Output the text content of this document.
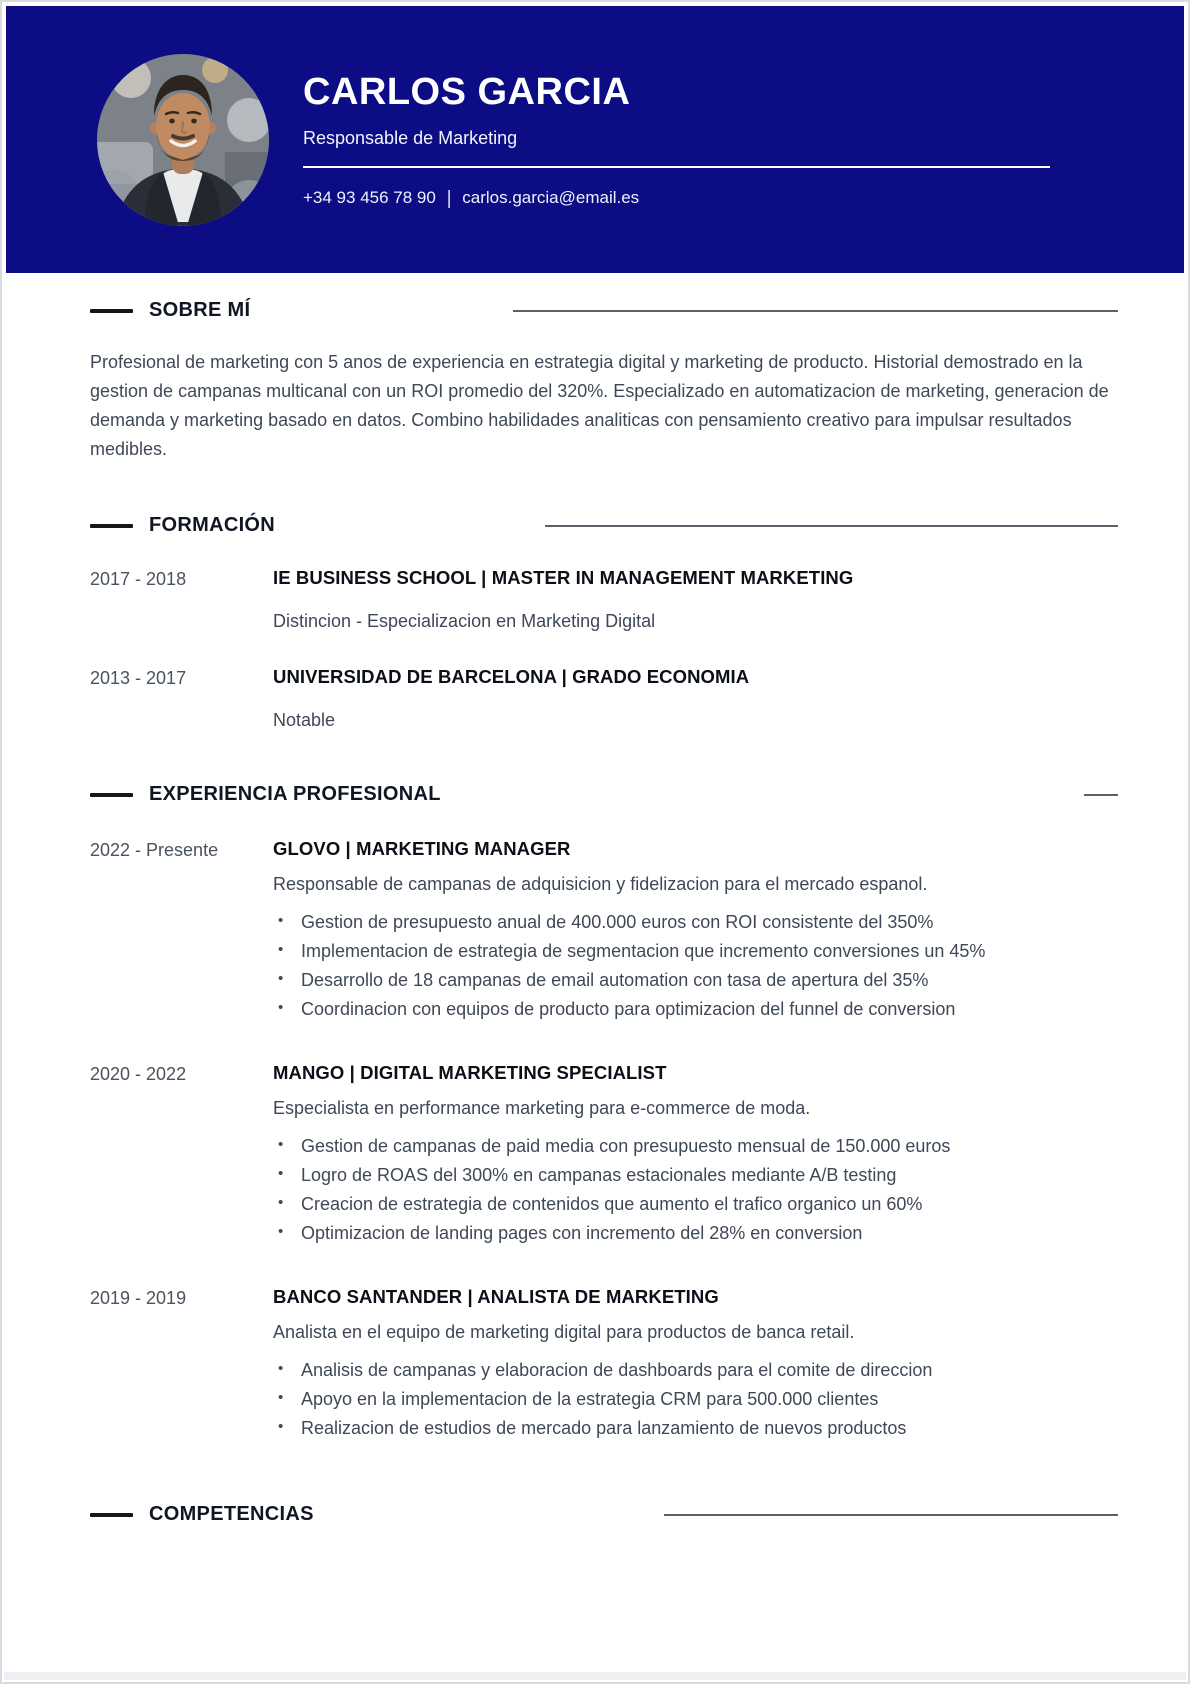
CARLOS GARCIA
Responsable de Marketing
+34 93 456 78 90 | carlos.garcia@email.es
SOBRE MÍ

Profesional de marketing con 5 anos de experiencia en estrategia digital y marketing de producto. Historial demostrado en la gestion de campanas multicanal con un ROI promedio del 320%. Especializado en automatizacion de marketing, generacion de demanda y marketing basado en datos. Combino habilidades analiticas con pensamiento creativo para impulsar resultados medibles.

FORMACIÓN
2017 - 2018	IE BUSINESS SCHOOL | MASTER IN MANAGEMENT MARKETING
Distincion - Especializacion en Marketing Digital
2013 - 2017	UNIVERSIDAD DE BARCELONA | GRADO ECONOMIA
Notable
EXPERIENCIA PROFESIONAL
2022 - Presente	GLOVO | MARKETING MANAGER
Responsable de campanas de adquisicion y fidelizacion para el mercado espanol.
• Gestion de presupuesto anual de 400.000 euros con ROI consistente del 350%
• Implementacion de estrategia de segmentacion que incremento conversiones un 45%
• Desarrollo de 18 campanas de email automation con tasa de apertura del 35%
• Coordinacion con equipos de producto para optimizacion del funnel de conversion
2020 - 2022	MANGO | DIGITAL MARKETING SPECIALIST
Especialista en performance marketing para e-commerce de moda.
• Gestion de campanas de paid media con presupuesto mensual de 150.000 euros
• Logro de ROAS del 300% en campanas estacionales mediante A/B testing
• Creacion de estrategia de contenidos que aumento el trafico organico un 60%
• Optimizacion de landing pages con incremento del 28% en conversion
2019 - 2019	BANCO SANTANDER | ANALISTA DE MARKETING
Analista en el equipo de marketing digital para productos de banca retail.
• Analisis de campanas y elaboracion de dashboards para el comite de direccion
• Apoyo en la implementacion de la estrategia CRM para 500.000 clientes
• Realizacion de estudios de mercado para lanzamiento de nuevos productos
COMPETENCIAS
